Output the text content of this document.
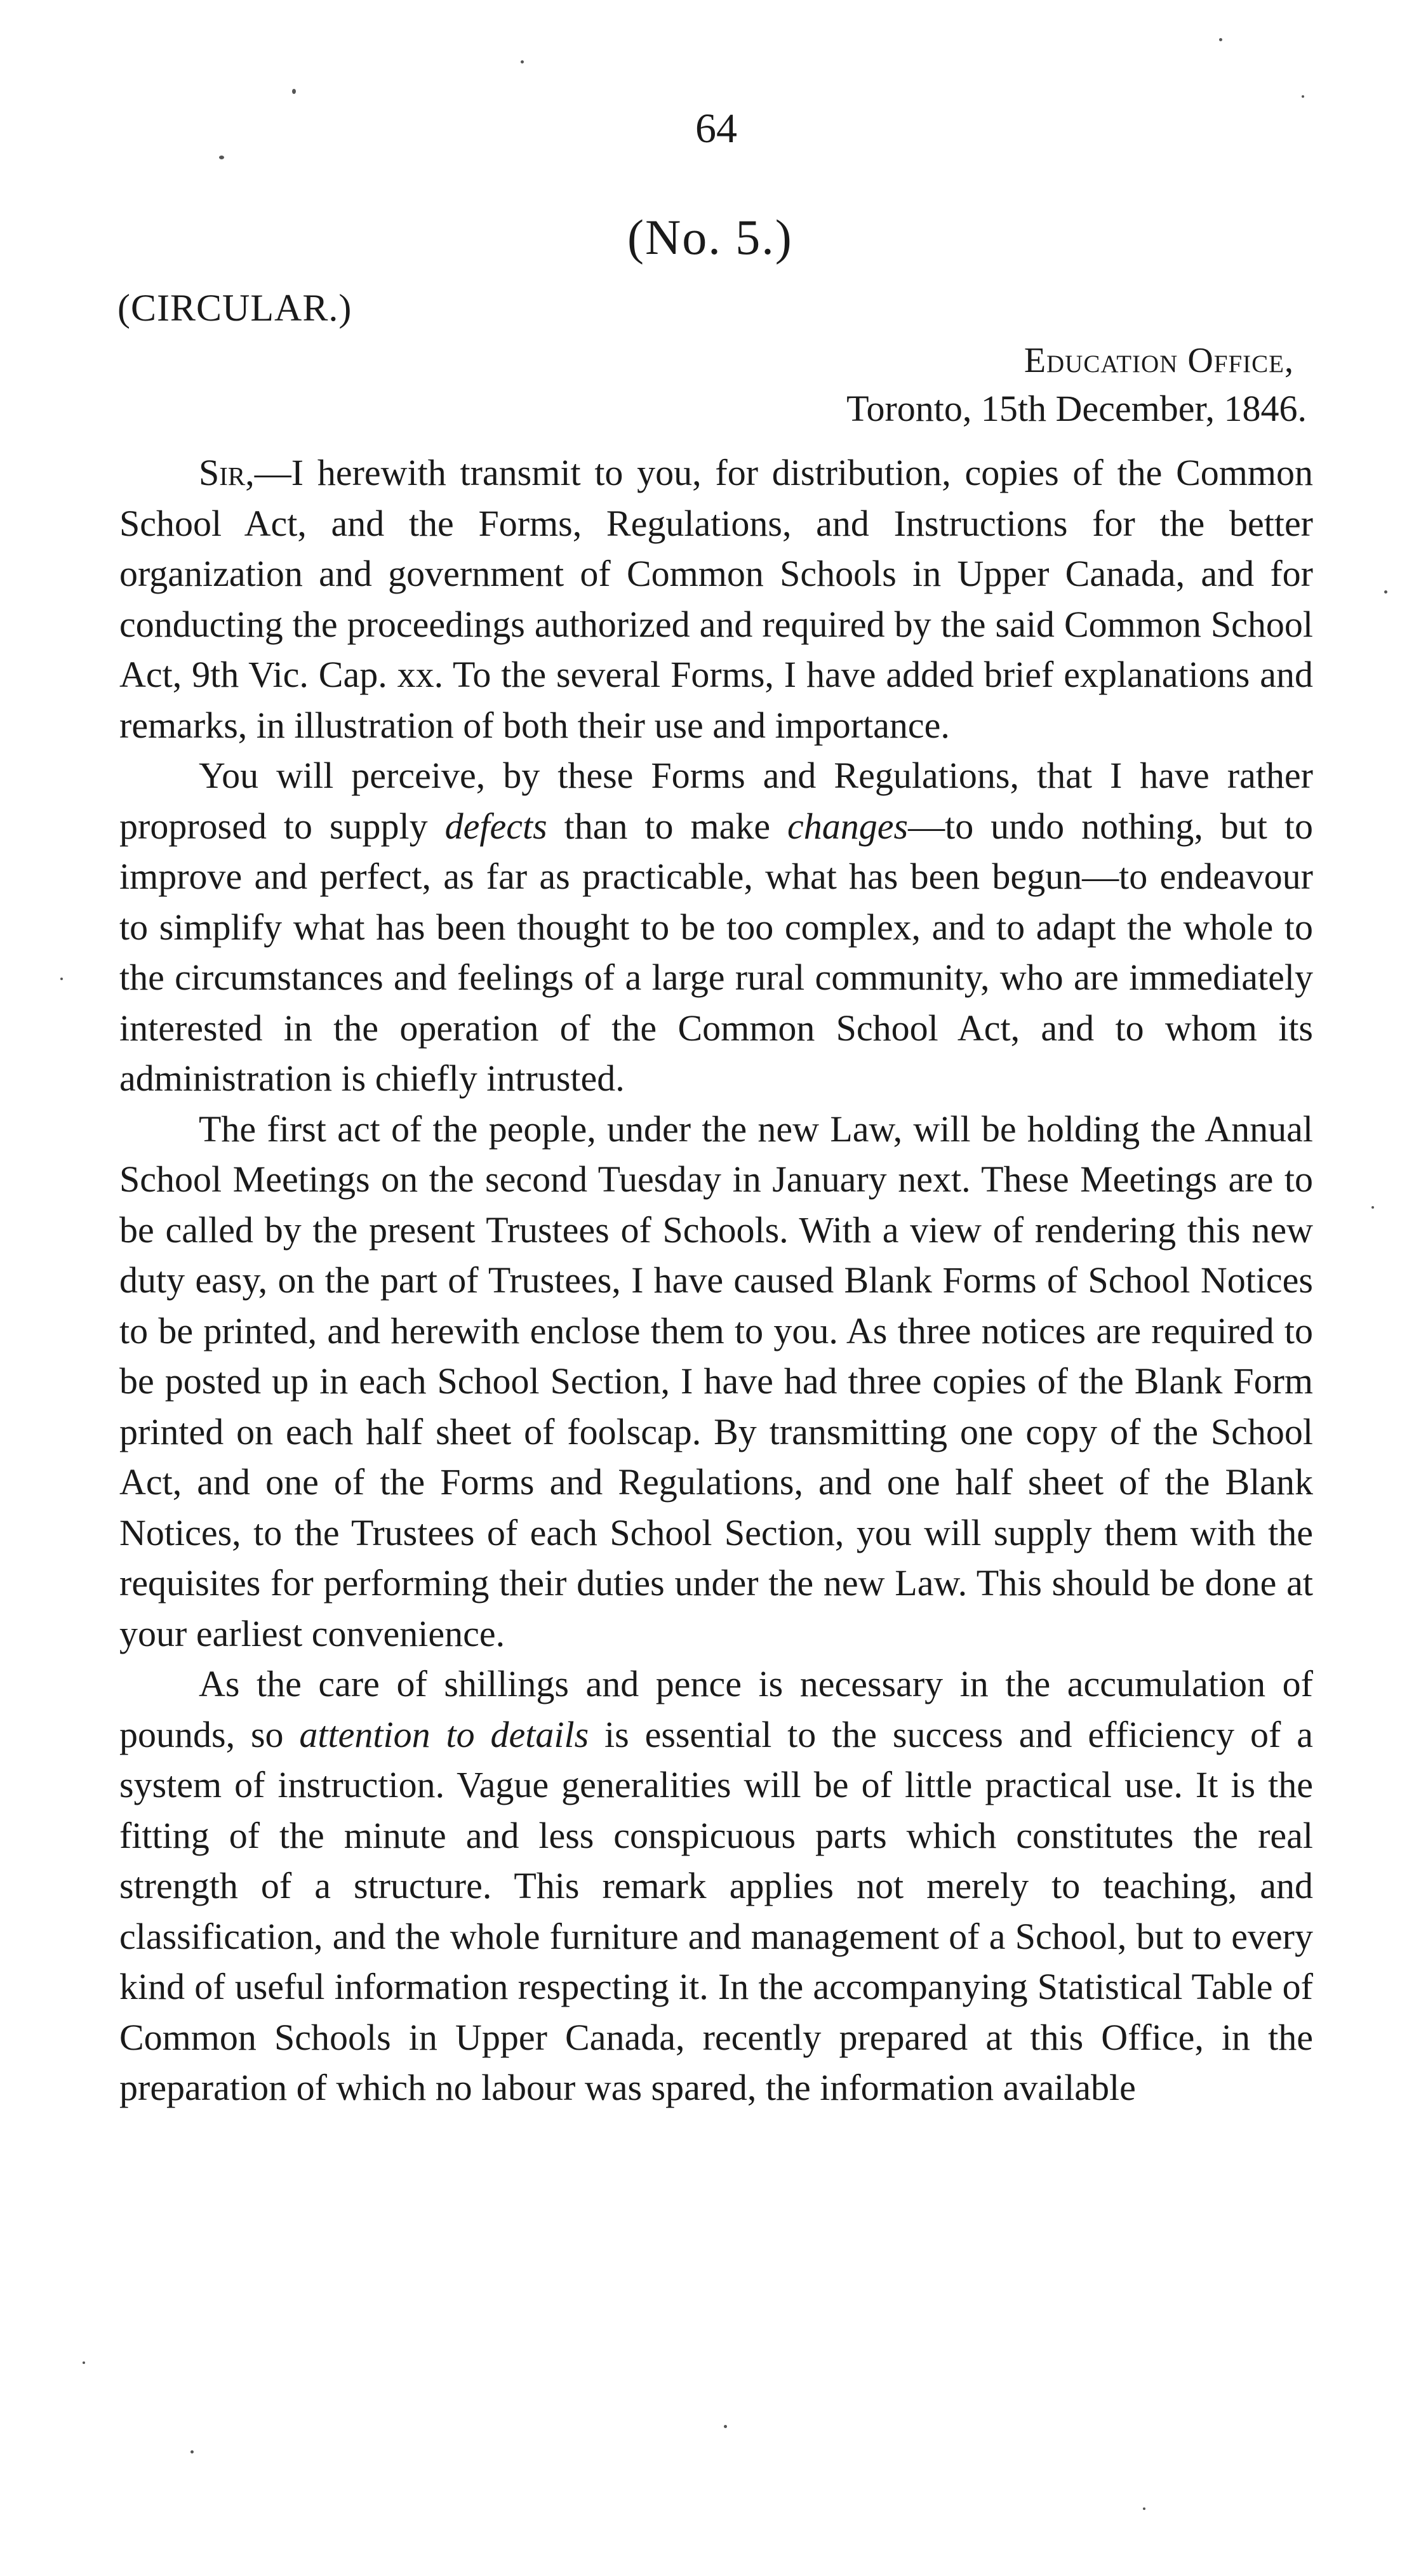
64
(No. 5.)
(CIRCULAR.)
Education Office,
Toronto, 15th December, 1846.

Sir,—I herewith transmit to you, for distribution, copies of the Common School Act, and the Forms, Regulations, and Instructions for the better organization and government of Common Schools in Upper Canada, and for conducting the proceedings authorized and required by the said Common School Act, 9th Vic. Cap. xx. To the several Forms, I have added brief explanations and remarks, in illustration of both their use and importance.

You will perceive, by these Forms and Regulations, that I have rather proprosed to supply defects than to make changes—to undo nothing, but to improve and perfect, as far as practicable, what has been begun—to endeavour to simplify what has been thought to be too complex, and to adapt the whole to the circumstances and feelings of a large rural community, who are immediately interested in the operation of the Common School Act, and to whom its administration is chiefly intrusted.

The first act of the people, under the new Law, will be holding the Annual School Meetings on the second Tuesday in January next. These Meetings are to be called by the present Trustees of Schools. With a view of rendering this new duty easy, on the part of Trustees, I have caused Blank Forms of School Notices to be printed, and herewith enclose them to you. As three notices are required to be posted up in each School Section, I have had three copies of the Blank Form printed on each half sheet of foolscap. By transmitting one copy of the School Act, and one of the Forms and Regulations, and one half sheet of the Blank Notices, to the Trustees of each School Section, you will supply them with the requisites for performing their duties under the new Law. This should be done at your earliest convenience.

As the care of shillings and pence is necessary in the accumulation of pounds, so attention to details is essential to the success and efficiency of a system of instruction. Vague generalities will be of little practical use. It is the fitting of the minute and less conspicuous parts which constitutes the real strength of a structure. This remark applies not merely to teaching, and classification, and the whole furniture and management of a School, but to every kind of useful information respecting it. In the accompanying Statistical Table of Common Schools in Upper Canada, recently prepared at this Office, in the preparation of which no labour was spared, the information available
